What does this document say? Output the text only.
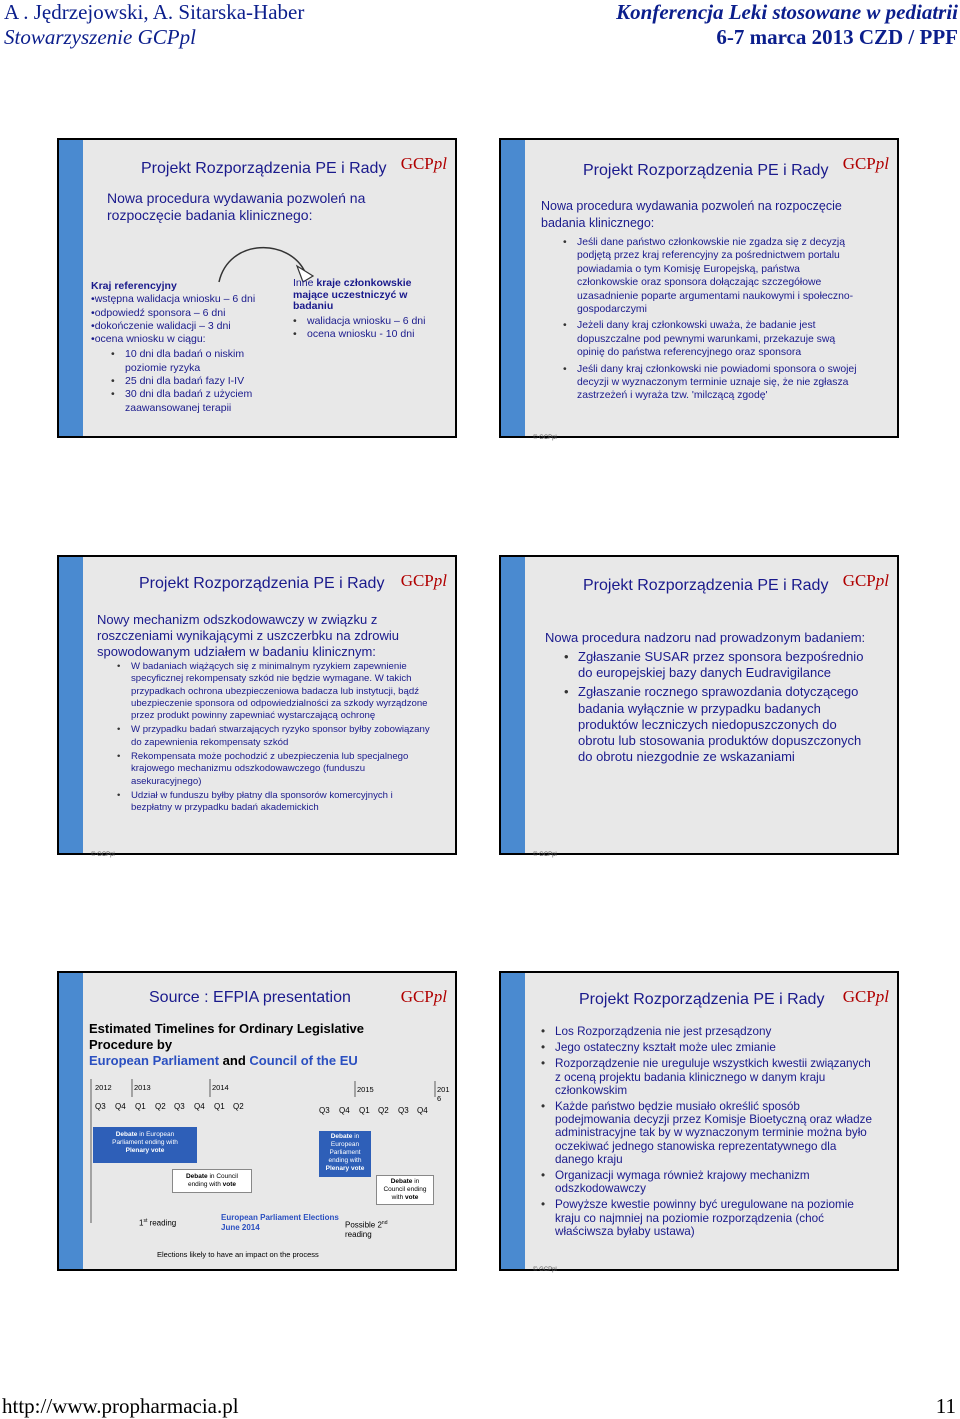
A . Jędrzejowski, A. Sitarska-Haber
Stowarzyszenie GCPpl
Konferencja Leki stosowane w pediatrii
6-7 marca 2013 CZD / PPF
Projekt Rozporządzenia PE i Rady GCPpl
Nowa procedura wydawania pozwoleń na
rozpoczęcie badania klinicznego:
Kraj referencyjny
•wstępna walidacja wniosku – 6 dni
•odpowiedź sponsora – 6 dni
•dokończenie walidacji – 3 dni
•ocena wniosku w ciągu:
• 10 dni dla badań o niskim
poziomie ryzyka
• 25 dni dla badań fazy I-IV
• 30 dni dla badań z użyciem
zaawansowanej terapii
Inne kraje członkowskie
mające uczestniczyć w
badaniu
• walidacja wniosku – 6 dni
• ocena wniosku - 10 dni
Projekt Rozporządzenia PE i Rady GCPpl
Nowa procedura wydawania pozwoleń na rozpoczęcie
badania klinicznego:
• Jeśli dane państwo członkowskie nie zgadza się z decyzją
podjętą przez kraj referencyjny za pośrednictwem portalu
powiadamia o tym Komisję Europejską, państwa
członkowskie oraz sponsora dołączając szczegółowe
uzasadnienie poparte argumentami naukowymi i społeczno-
gospodarczymi
• Jeżeli dany kraj członkowski uważa, że badanie jest
dopuszczalne pod pewnymi warunkami, przekazuje swą
opinię do państwa referencyjnego oraz sponsora
• Jeśli dany kraj członkowski nie powiadomi sponsora o swojej
decyzji w wyznaczonym terminie uznaje się, że nie zgłasza
zastrzeżeń i wyraża tzw. 'milczącą zgodę'
© GCPpl
Projekt Rozporządzenia PE i Rady GCPpl
Nowy mechanizm odszkodowawczy w związku z
roszczeniami wynikającymi z uszczerbku na zdrowiu
spowodowanym udziałem w badaniu klinicznym:
• W badaniach wiążących się z minimalnym ryzykiem zapewnienie
specyficznej rekompensaty szkód nie będzie wymagane. W takich
przypadkach ochrona ubezpieczeniowa badacza lub instytucji, bądź
ubezpieczenie sponsora od odpowiedzialności za szkody wyrządzone
przez produkt powinny zapewniać wystarczającą ochronę
• W przypadku badań stwarzających ryzyko sponsor byłby zobowiązany
do zapewnienia rekompensaty szkód
• Rekompensata może pochodzić z ubezpieczenia lub specjalnego
krajowego mechanizmu odszkodowawczego (funduszu
asekuracyjnego)
• Udział w funduszu byłby płatny dla sponsorów komercyjnych i
bezpłatny w przypadku badań akademickich
© GCPpl
Projekt Rozporządzenia PE i Rady GCPpl
Nowa procedura nadzoru nad prowadzonym badaniem:
• Zgłaszanie SUSAR przez sponsora bezpośrednio
do europejskiej bazy danych Eudravigilance
• Zgłaszanie rocznego sprawozdania dotyczącego
badania wyłącznie w przypadku badanych
produktów leczniczych niedopuszczonych do
obrotu lub stosowania produktów dopuszczonych
do obrotu niezgodnie ze wskazaniami
© GCPpl
Source : EFPIA presentation	GCPpl
Estimated Timelines for Ordinary Legislative
Procedure by
European Parliament and Council of the EU
2012	2013	2014	2015	201
6
Q3 Q4 Q1 Q2 Q3 Q4 Q1 Q2	Q3 Q4 Q1 Q2 Q3 Q4
Debate in European
Parliament ending with
Plenary vote
Debate in Council
ending with vote
Debate in
European
Parliament
ending with
Plenary vote
Debate in
Council ending
with vote
1st reading
European Parliament Elections
June 2014	Possible 2nd
reading
Elections likely to have an impact on the process
Projekt Rozporządzenia PE i Rady GCPpl
• Los Rozporządzenia nie jest przesądzony
• Jego ostateczny kształt może ulec zmianie
• Rozporządzenie nie ureguluje wszystkich kwestii związanych
z oceną projektu badania klinicznego w danym kraju
członkowskim
• Każde państwo będzie musiało określić sposób
podejmowania decyzji przez Komisje Bioetyczną oraz władze
administracyjne tak by w wyznaczonym terminie można było
oczekiwać jednego stanowiska reprezentatywnego dla
danego kraju
• Organizacji wymaga również krajowy mechanizm
odszkodowawczy
• Powyższe kwestie powinny być uregulowane na poziomie
kraju co najmniej na poziomie rozporządzenia (choć
właściwsza byłaby ustawa)
© GCPpl
http://www.propharmacia.pl	11
